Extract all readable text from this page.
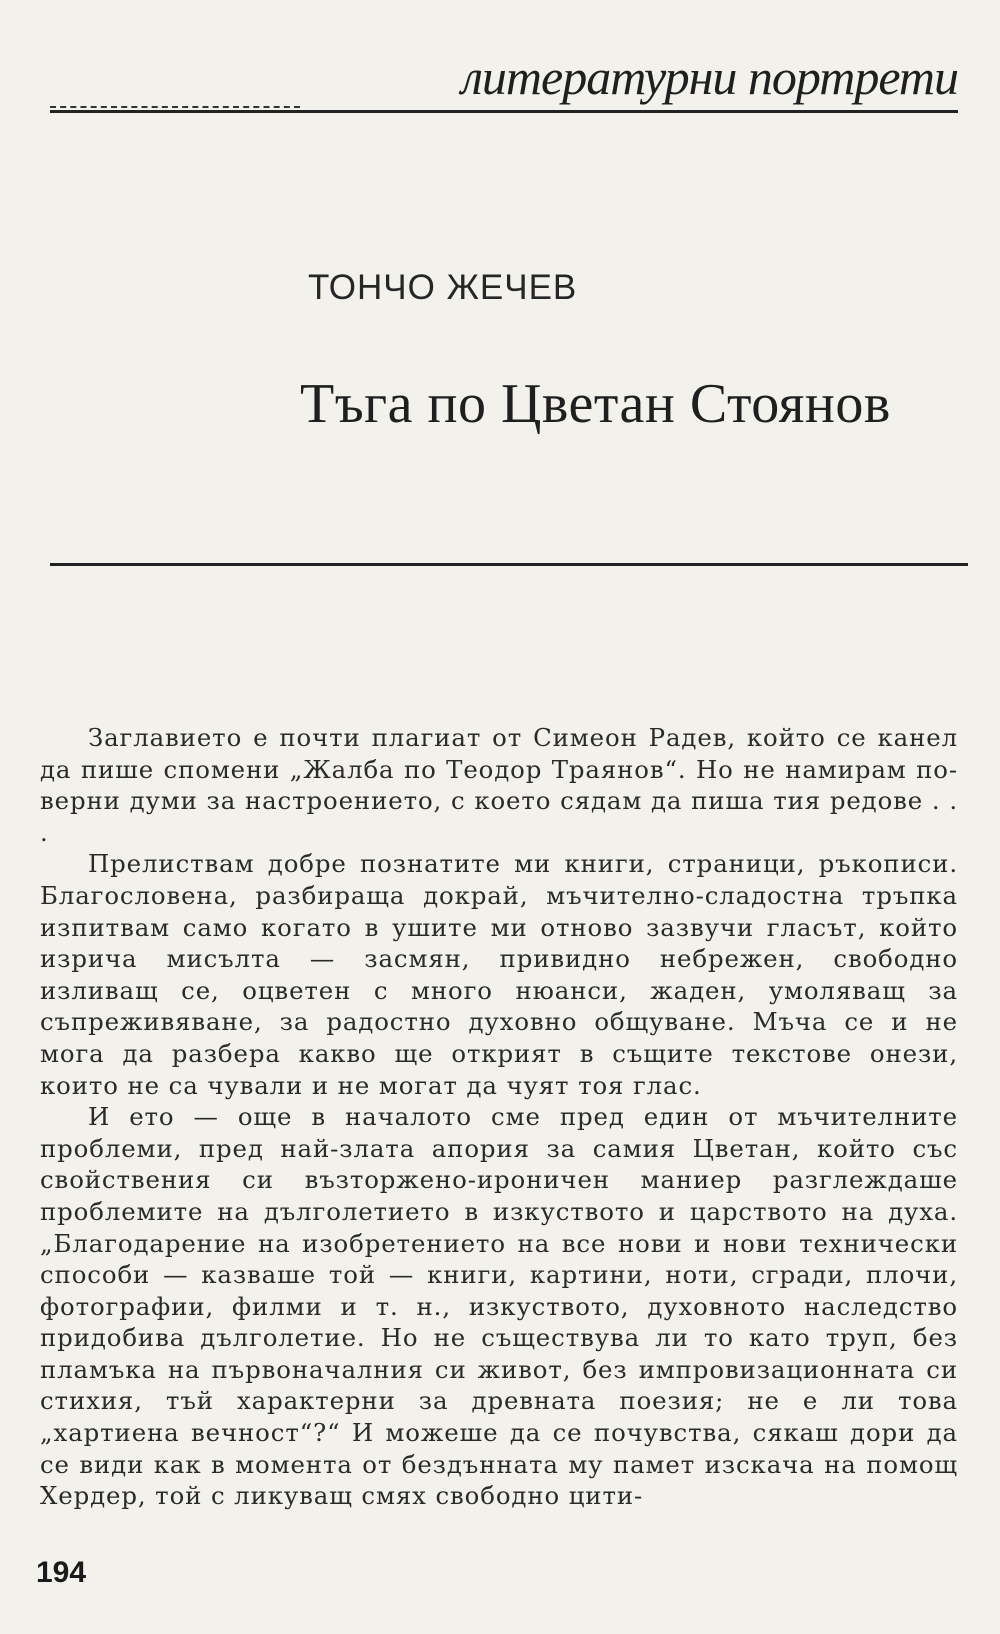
литературни портрети
ТОНЧО ЖЕЧЕВ
Тъга по Цветан Стоянов

Заглавието е почти плагиат от Симеон Радев, който се канел да пише спомени „Жалба по Теодор Траянов“. Но не намирам по-верни думи за настроението, с което сядам да пиша тия редове . . .

Прелиствам добре познатите ми книги, страници, ръкописи. Благословена, разбираща докрай, мъчително-сладостна тръпка изпитвам само когато в ушите ми отново зазвучи гласът, който изрича мисълта — засмян, привидно небрежен, свободно изливащ се, оцветен с много нюанси, жаден, умоляващ за съпреживяване, за радостно духовно общуване. Мъча се и не мога да разбера какво ще открият в същите текстове онези, които не са чували и не могат да чуят тоя глас.

И ето — още в началото сме пред един от мъчителните проблеми, пред най-злата апория за самия Цветан, който със свойствения си възторжено-ироничен маниер разглеждаше проблемите на дълголетието в изкуството и царството на духа. „Благодарение на изобретението на все нови и нови технически способи — казваше той — книги, картини, ноти, сгради, плочи, фотографии, филми и т. н., изкуството, духовното наследство придобива дълголетие. Но не съществува ли то като труп, без пламъка на първоначалния си живот, без импровизационната си стихия, тъй характерни за древната поезия; не е ли това „хартиена вечност“?“ И можеше да се почувства, сякаш дори да се види как в момента от бездънната му памет изскача на помощ Хердер, той с ликуващ смях свободно цити-

194
